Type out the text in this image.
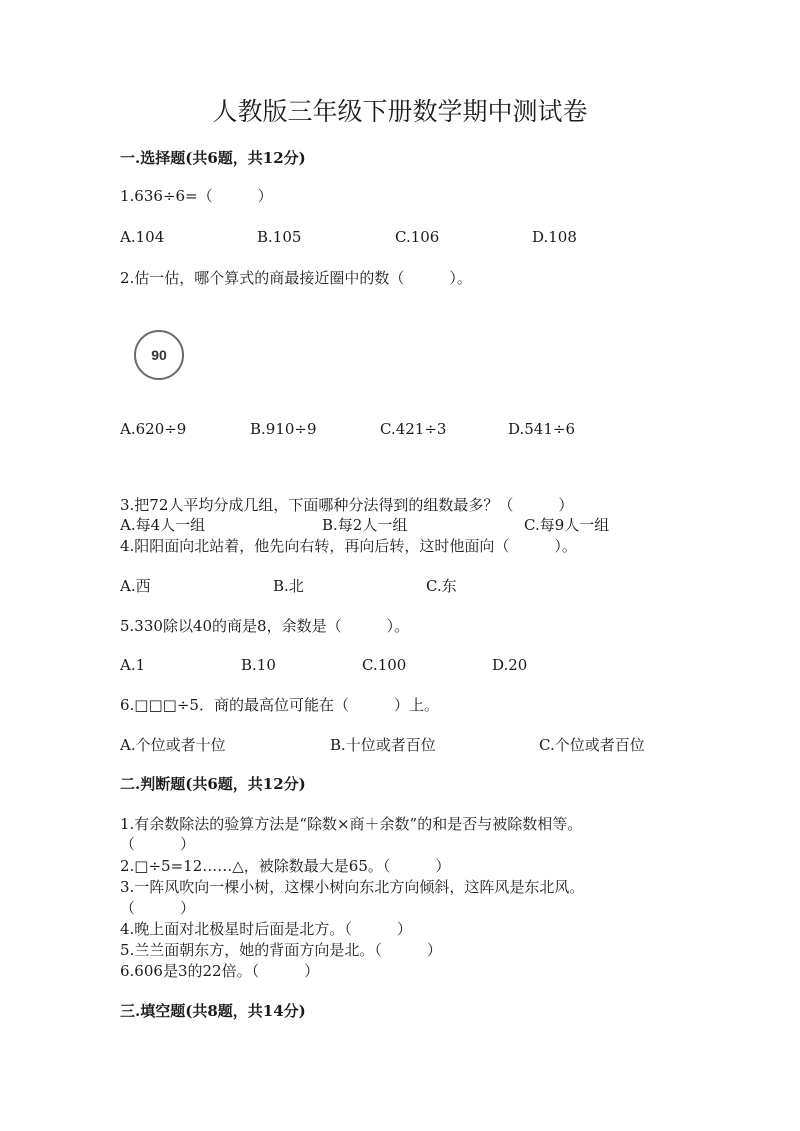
人教版三年级下册数学期中测试卷
一.选择题(共6题，共12分)
1.636÷6=（　　　）
A.104	B.105	C.106	D.108
2.估一估，哪个算式的商最接近圈中的数（　　　）。
90
A.620÷9	B.910÷9	C.421÷3	D.541÷6
3.把72人平均分成几组，下面哪种分法得到的组数最多？（　　　）
A.每4人一组	B.每2人一组	C.每9人一组
4.阳阳面向北站着，他先向右转，再向后转，这时他面向（　　　）。
A.西	B.北	C.东
5.330除以40的商是8，余数是（　　　）。
A.1	B.10	C.100	D.20
6.□□□÷5．商的最高位可能在（　　　）上。
A.个位或者十位	B.十位或者百位	C.个位或者百位
二.判断题(共6题，共12分)
1.有余数除法的验算方法是“除数×商＋余数”的和是否与被除数相等。
（　　　）
2.□÷5=12……△，被除数最大是65。（　　　）
3.一阵风吹向一棵小树，这棵小树向东北方向倾斜，这阵风是东北风。
（　　　）
4.晚上面对北极星时后面是北方。（　　　）
5.兰兰面朝东方，她的背面方向是北。（　　　）
6.606是3的22倍。（　　　）
三.填空题(共8题，共14分)
